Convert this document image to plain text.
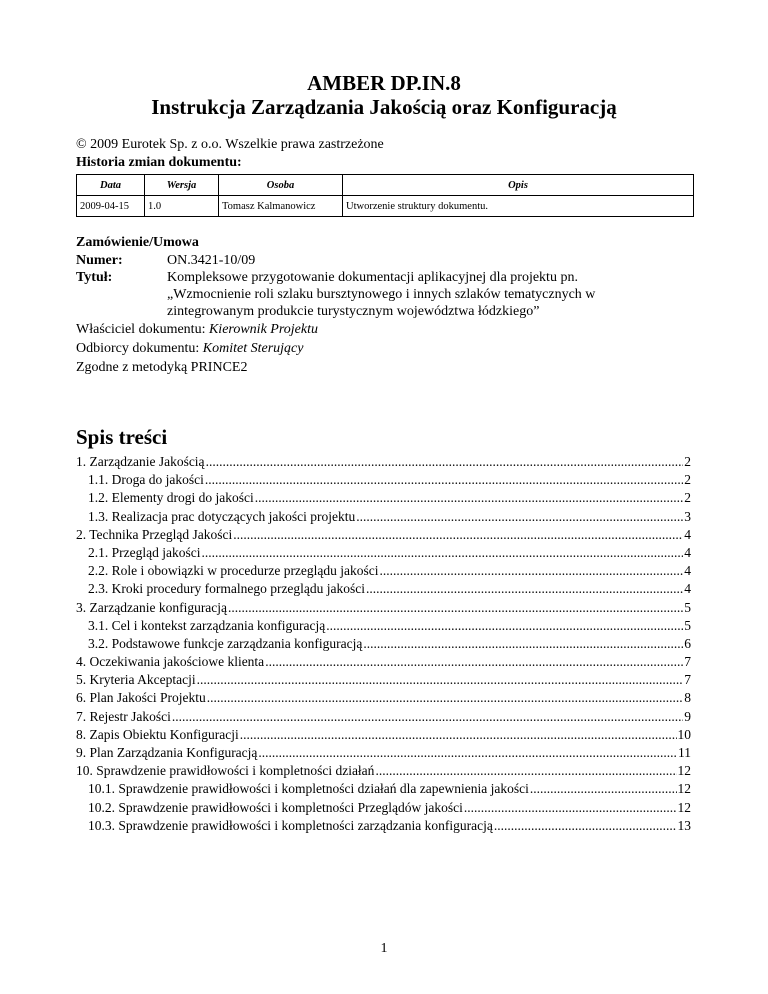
AMBER DP.IN.8
Instrukcja Zarządzania Jakością oraz Konfiguracją
© 2009 Eurotek Sp. z o.o. Wszelkie prawa zastrzeżone
Historia zmian dokumentu:
Data	Wersja	Osoba	Opis
2009-04-15	1.0	Tomasz Kalmanowicz	Utworzenie struktury dokumentu.
Zamówienie/Umowa
Numer:	ON.3421-10/09
Tytuł:	Kompleksowe przygotowanie dokumentacji aplikacyjnej dla projektu pn.
„Wzmocnienie roli szlaku bursztynowego i innych szlaków tematycznych w
zintegrowanym produkcie turystycznym województwa łódzkiego”
Właściciel dokumentu: Kierownik Projektu
Odbiorcy dokumentu: Komitet Sterujący
Zgodne z metodyką PRINCE2
Spis treści
1. Zarządzanie Jakością .....	2
1.1. Droga do jakości .....	2
1.2. Elementy drogi do jakości .....	2
1.3. Realizacja prac dotyczących jakości projektu .....	3
2. Technika Przegląd Jakości .....	4
2.1. Przegląd jakości .....	4
2.2. Role i obowiązki w procedurze przeglądu jakości .....	4
2.3. Kroki procedury formalnego przeglądu jakości .....	4
3. Zarządzanie konfiguracją .....	5
3.1. Cel i kontekst zarządzania konfiguracją .....	5
3.2. Podstawowe funkcje zarządzania konfiguracją .....	6
4. Oczekiwania jakościowe klienta .....	7
5. Kryteria Akceptacji .....	7
6. Plan Jakości Projektu .....	8
7. Rejestr Jakości .....	9
8. Zapis Obiektu Konfiguracji .....	10
9. Plan Zarządzania Konfiguracją .....	11
10. Sprawdzenie prawidłowości i kompletności działań .....	12
10.1. Sprawdzenie prawidłowości i kompletności działań dla zapewnienia jakości .....	12
10.2. Sprawdzenie prawidłowości i kompletności Przeglądów jakości .....	12
10.3. Sprawdzenie prawidłowości i kompletności zarządzania konfiguracją .....	13
1
